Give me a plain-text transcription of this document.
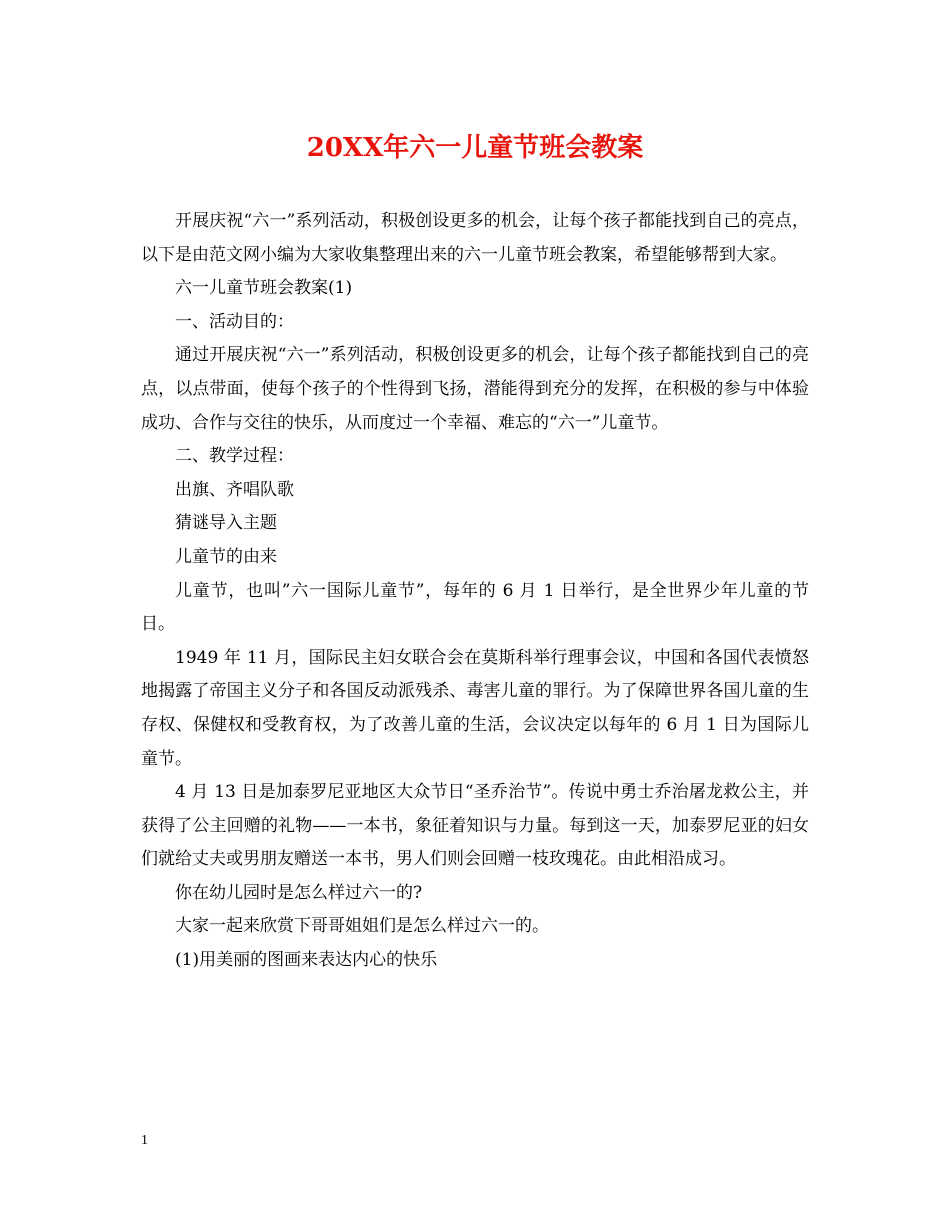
20XX年六一儿童节班会教案

开展庆祝“六一”系列活动，积极创设更多的机会，让每个孩子都能找到自己的亮点，以下是由范文网小编为大家收集整理出来的六一儿童节班会教案，希望能够帮到大家。

六一儿童节班会教案(1)

一、活动目的：

通过开展庆祝“六一”系列活动，积极创设更多的机会，让每个孩子都能找到自己的亮点，以点带面，使每个孩子的个性得到飞扬，潜能得到充分的发挥，在积极的参与中体验成功、合作与交往的快乐，从而度过一个幸福、难忘的“六一”儿童节。

二、教学过程：

出旗、齐唱队歌

猜谜导入主题

儿童节的由来

儿童节，也叫”六一国际儿童节”，每年的 6 月 1 日举行，是全世界少年儿童的节日。

1949 年 11 月，国际民主妇女联合会在莫斯科举行理事会议，中国和各国代表愤怒地揭露了帝国主义分子和各国反动派残杀、毒害儿童的罪行。为了保障世界各国儿童的生存权、保健权和受教育权，为了改善儿童的生活，会议决定以每年的 6 月 1 日为国际儿童节。

4 月 13 日是加泰罗尼亚地区大众节日“圣乔治节”。传说中勇士乔治屠龙救公主，并获得了公主回赠的礼物——一本书，象征着知识与力量。每到这一天，加泰罗尼亚的妇女们就给丈夫或男朋友赠送一本书，男人们则会回赠一枝玫瑰花。由此相沿成习。

你在幼儿园时是怎么样过六一的?

大家一起来欣赏下哥哥姐姐们是怎么样过六一的。

(1)用美丽的图画来表达内心的快乐

1
